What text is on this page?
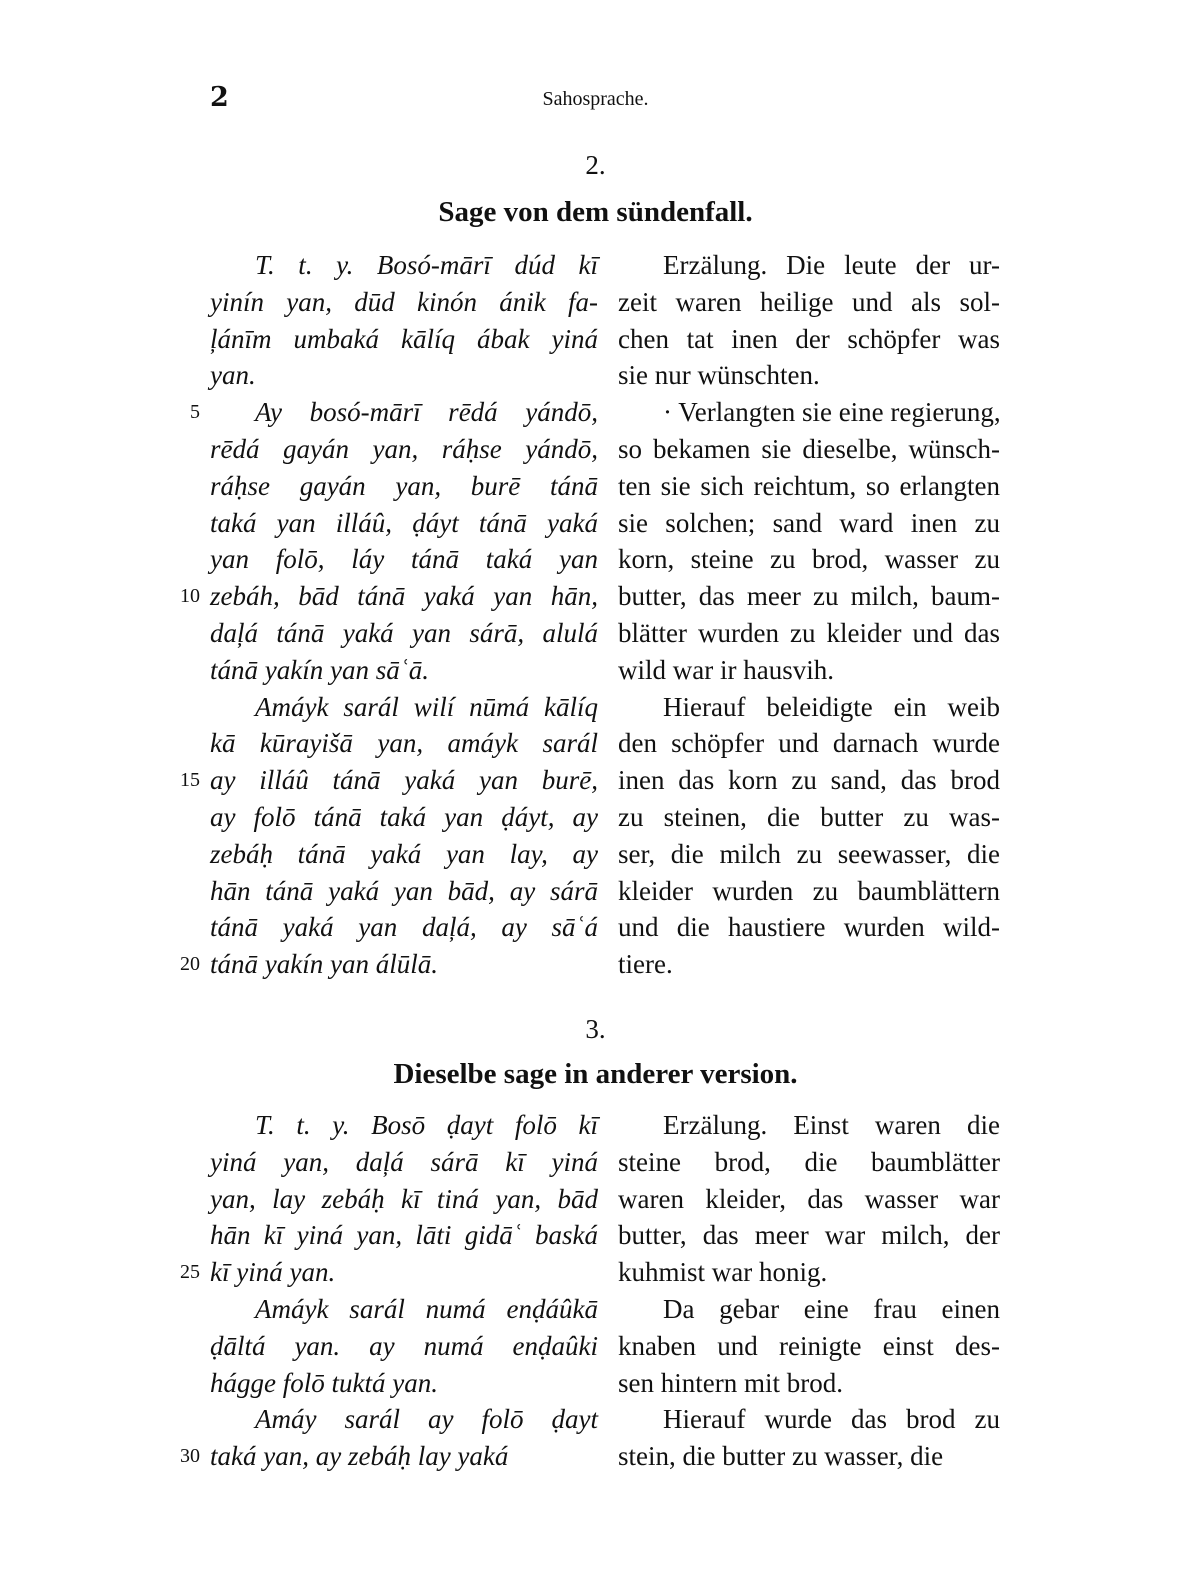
2	Sahosprache.
2.
Sage von dem sündenfall.
T. t. y. Bosó-mārī dúd kī
yinín yan, dūd kinón ánik fa-
ļánīm umbaká kālíq ábak yiná
yan.
Ay bosó-mārī rēdá yándō,
rēdá gayán yan, ráḥse yándō,
ráḥse gayán yan, burē tánā
taká yan illáû, ḍáyt tánā yaká
yan folō, láy tánā taká yan
zebáh, bād tánā yaká yan hān,
daļá tánā yaká yan sárā, alulá
tánā yakín yan sāʿā.
Amáyk sarál wilí nūmá kālíq
kā kūrayišā yan, amáyk sarál
ay illáû tánā yaká yan burē,
ay folō tánā taká yan ḍáyt, ay
zebáḥ tánā yaká yan lay, ay
hān tánā yaká yan bād, ay sárā
tánā yaká yan daļá, ay sāʿá
tánā yakín yan álūlā.
Erzälung. Die leute der ur-
zeit waren heilige und als sol-
chen tat inen der schöpfer was
sie nur wünschten.
· Verlangten sie eine regierung,
so bekamen sie dieselbe, wünsch-
ten sie sich reichtum, so erlangten
sie solchen; sand ward inen zu
korn, steine zu brod, wasser zu
butter, das meer zu milch, baum-
blätter wurden zu kleider und das
wild war ir hausvih.
Hierauf beleidigte ein weib
den schöpfer und darnach wurde
inen das korn zu sand, das brod
zu steinen, die butter zu was-
ser, die milch zu seewasser, die
kleider wurden zu baumblättern
und die haustiere wurden wild-
tiere.
5
10
15
20
3.
Dieselbe sage in anderer version.
T. t. y. Bosō ḍayt folō kī
yiná yan, daļá sárā kī yiná
yan, lay zebáḥ kī tiná yan, bād
hān kī yiná yan, lāti gidāʿ baská
kī yiná yan.
Amáyk sarál numá enḍáûkā
ḍāltá yan. ay numá enḍaûki
hágge folō tuktá yan.
Amáy sarál ay folō ḍayt
taká yan, ay zebáḥ lay yaká
Erzälung. Einst waren die
steine brod, die baumblätter
waren kleider, das wasser war
butter, das meer war milch, der
kuhmist war honig.
Da gebar eine frau einen
knaben und reinigte einst des-
sen hintern mit brod.
Hierauf wurde das brod zu
stein, die butter zu wasser, die
25
30
